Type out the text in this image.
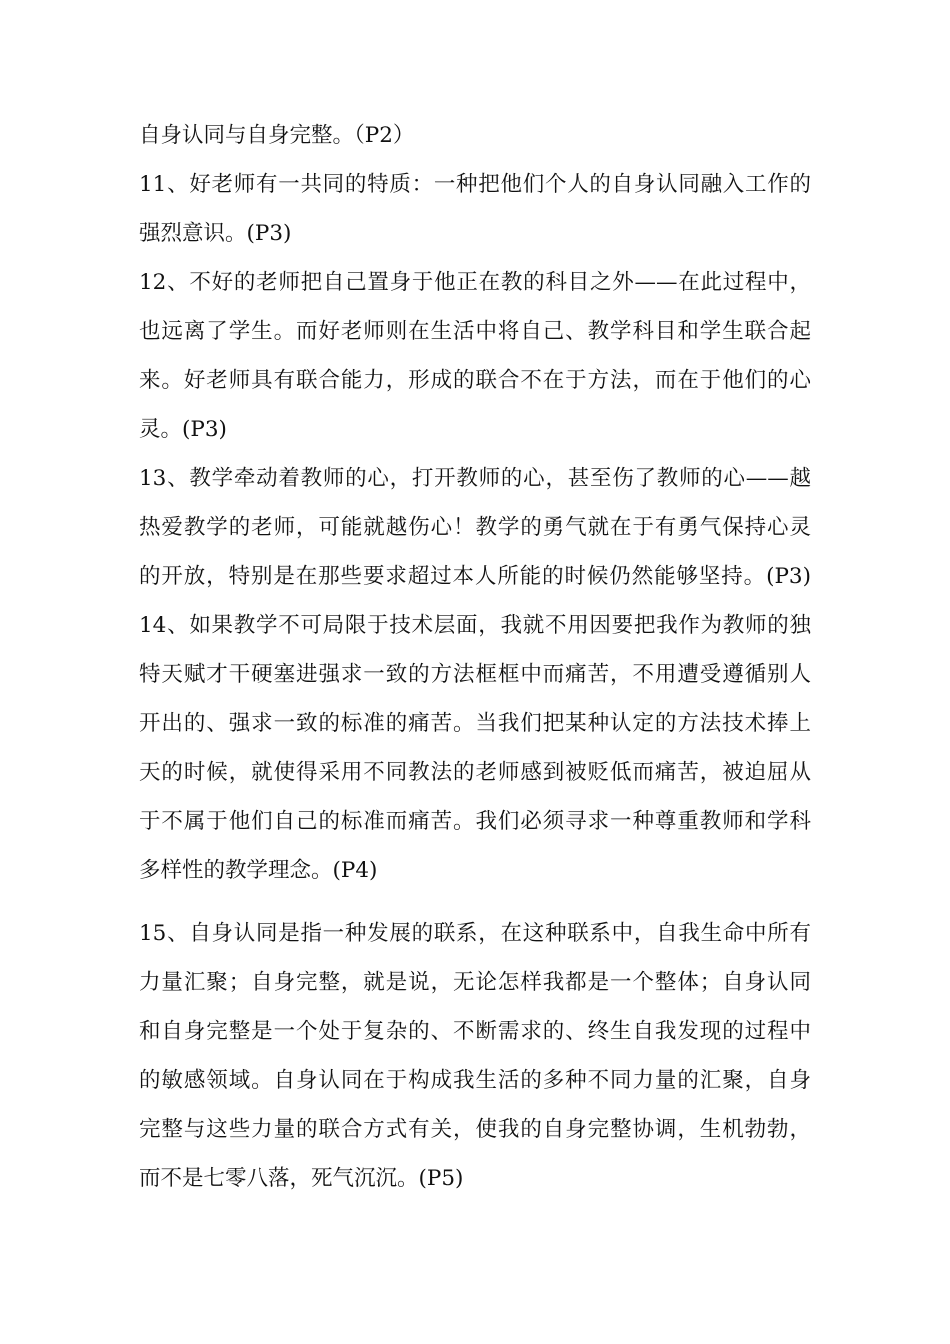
自身认同与自身完整。（P2）
11、好老师有一共同的特质：一种把他们个人的自身认同融入工作的
强烈意识。(P3)
12、不好的老师把自己置身于他正在教的科目之外——在此过程中，
也远离了学生。而好老师则在生活中将自己、教学科目和学生联合起
来。好老师具有联合能力，形成的联合不在于方法，而在于他们的心
灵。(P3)
13、教学牵动着教师的心，打开教师的心，甚至伤了教师的心——越
热爱教学的老师，可能就越伤心！教学的勇气就在于有勇气保持心灵
的开放，特别是在那些要求超过本人所能的时候仍然能够坚持。(P3)
14、如果教学不可局限于技术层面，我就不用因要把我作为教师的独
特天赋才干硬塞进强求一致的方法框框中而痛苦，不用遭受遵循别人
开出的、强求一致的标准的痛苦。当我们把某种认定的方法技术捧上
天的时候，就使得采用不同教法的老师感到被贬低而痛苦，被迫屈从
于不属于他们自己的标准而痛苦。我们必须寻求一种尊重教师和学科
多样性的教学理念。(P4)
15、自身认同是指一种发展的联系，在这种联系中，自我生命中所有
力量汇聚；自身完整，就是说，无论怎样我都是一个整体；自身认同
和自身完整是一个处于复杂的、不断需求的、终生自我发现的过程中
的敏感领域。自身认同在于构成我生活的多种不同力量的汇聚，自身
完整与这些力量的联合方式有关，使我的自身完整协调，生机勃勃，
而不是七零八落，死气沉沉。(P5)
